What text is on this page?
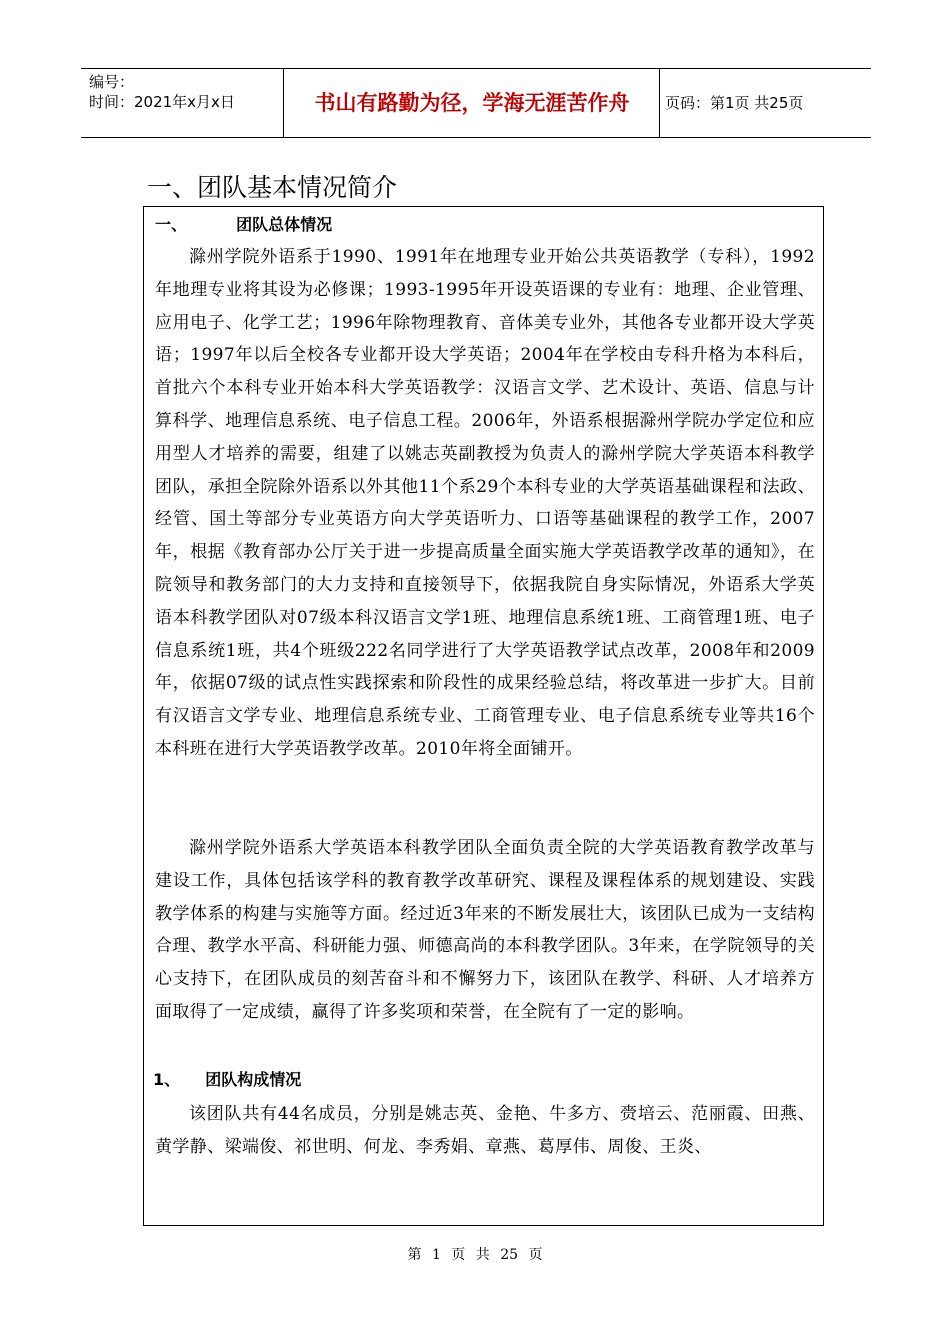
编号：
时间：2021年x月x日	书山有路勤为径，学海无涯苦作舟	页码：第1页 共25页
一、团队基本情况简介
一、	团队总体情况

滁州学院外语系于1990、1991年在地理专业开始公共英语教学（专科），1992年地理专业将其设为必修课；1993-1995年开设英语课的专业有：地理、企业管理、应用电子、化学工艺；1996年除物理教育、音体美专业外，其他各专业都开设大学英语；1997年以后全校各专业都开设大学英语；2004年在学校由专科升格为本科后，首批六个本科专业开始本科大学英语教学：汉语言文学、艺术设计、英语、信息与计算科学、地理信息系统、电子信息工程。2006年，外语系根据滁州学院办学定位和应用型人才培养的需要，组建了以姚志英副教授为负责人的滁州学院大学英语本科教学团队，承担全院除外语系以外其他11个系29个本科专业的大学英语基础课程和法政、经管、国土等部分专业英语方向大学英语听力、口语等基础课程的教学工作，2007年，根据《教育部办公厅关于进一步提高质量全面实施大学英语教学改革的通知》，在院领导和教务部门的大力支持和直接领导下，依据我院自身实际情况，外语系大学英语本科教学团队对07级本科汉语言文学1班、地理信息系统1班、工商管理1班、电子信息系统1班，共4个班级222名同学进行了大学英语教学试点改革，2008年和2009年，依据07级的试点性实践探索和阶段性的成果经验总结，将改革进一步扩大。目前有汉语言文学专业、地理信息系统专业、工商管理专业、电子信息系统专业等共16个本科班在进行大学英语教学改革。2010年将全面铺开。

滁州学院外语系大学英语本科教学团队全面负责全院的大学英语教育教学改革与建设工作，具体包括该学科的教育教学改革研究、课程及课程体系的规划建设、实践教学体系的构建与实施等方面。经过近3年来的不断发展壮大，该团队已成为一支结构合理、教学水平高、科研能力强、师德高尚的本科教学团队。3年来，在学院领导的关心支持下，在团队成员的刻苦奋斗和不懈努力下，该团队在教学、科研、人才培养方面取得了一定成绩，赢得了许多奖项和荣誉，在全院有了一定的影响。

1、 团队构成情况

该团队共有44名成员，分别是姚志英、金艳、牛多方、赍培云、范丽霞、田燕、黄学静、梁端俊、祁世明、何龙、李秀娟、章燕、葛厚伟、周俊、王炎、

第 1 页 共 25 页
